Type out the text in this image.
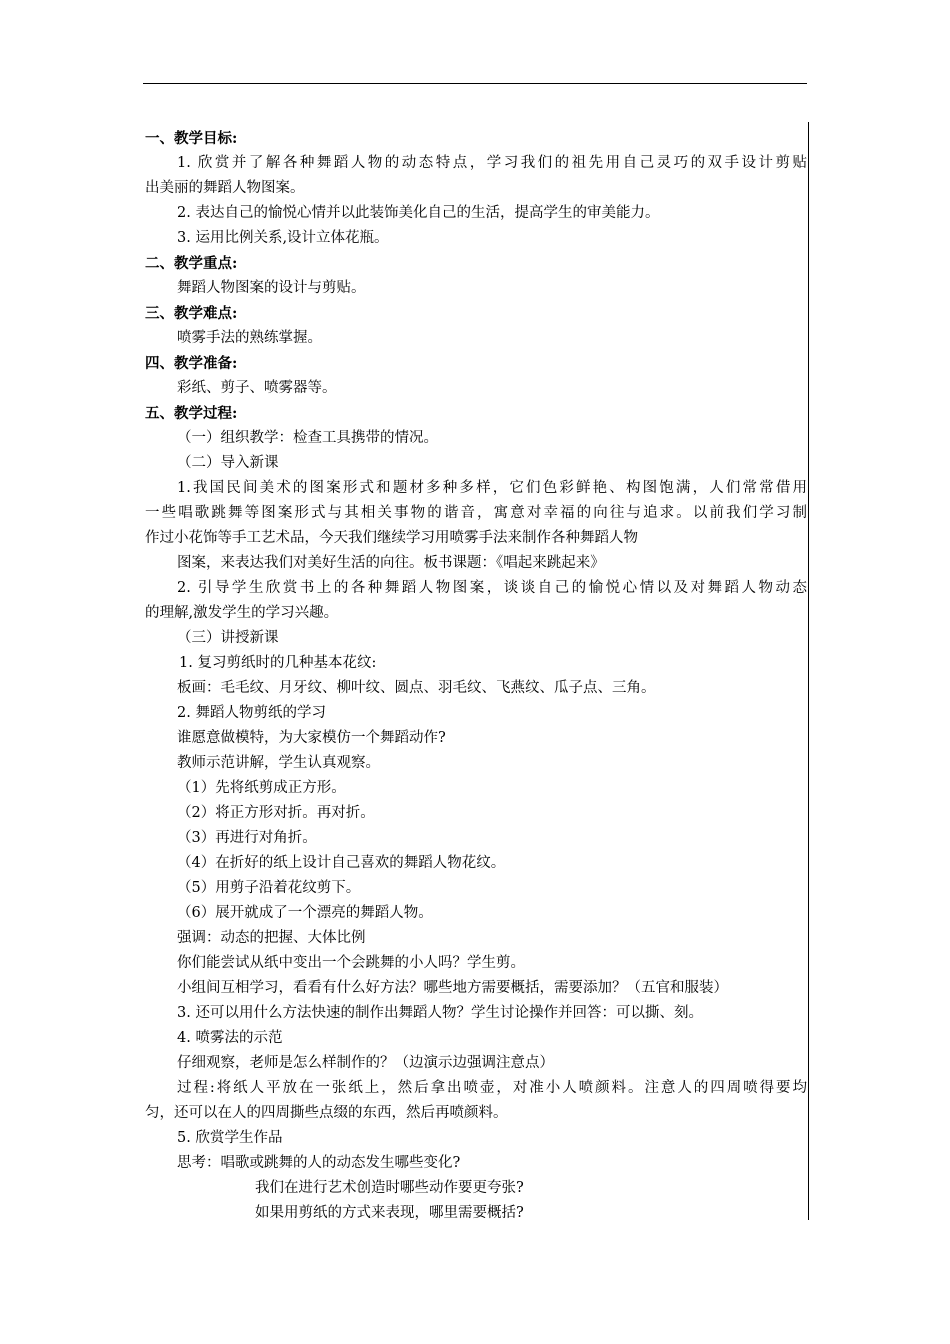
一、教学目标:
1. 欣赏并了解各种舞蹈人物的动态特点，学习我们的祖先用自己灵巧的双手设计剪贴
出美丽的舞蹈人物图案。
2. 表达自己的愉悦心情并以此装饰美化自己的生活，提高学生的审美能力。
3. 运用比例关系,设计立体花瓶。
二、教学重点:
舞蹈人物图案的设计与剪贴。
三、教学难点:
喷雾手法的熟练掌握。
四、教学准备:
彩纸、剪子、喷雾器等。
五、教学过程:
（一）组织教学：检查工具携带的情况。
（二）导入新课
1.我国民间美术的图案形式和题材多种多样，它们色彩鲜艳、构图饱满，人们常常借用
一些唱歌跳舞等图案形式与其相关事物的谐音，寓意对幸福的向往与追求。以前我们学习制
作过小花饰等手工艺术品，今天我们继续学习用喷雾手法来制作各种舞蹈人物
图案，来表达我们对美好生活的向往。板书课题：《唱起来跳起来》
2. 引导学生欣赏书上的各种舞蹈人物图案，谈谈自己的愉悦心情以及对舞蹈人物动态
的理解,激发学生的学习兴趣。
（三）讲授新课
1. 复习剪纸时的几种基本花纹:
板画：毛毛纹、月牙纹、柳叶纹、圆点、羽毛纹、飞燕纹、瓜子点、三角。
2. 舞蹈人物剪纸的学习
谁愿意做模特，为大家模仿一个舞蹈动作?
教师示范讲解，学生认真观察。
（1）先将纸剪成正方形。
（2）将正方形对折。再对折。
（3）再进行对角折。
（4）在折好的纸上设计自己喜欢的舞蹈人物花纹。
（5）用剪子沿着花纹剪下。
（6）展开就成了一个漂亮的舞蹈人物。
强调：动态的把握、大体比例
你们能尝试从纸中变出一个会跳舞的小人吗？学生剪。
小组间互相学习，看看有什么好方法？哪些地方需要概括，需要添加？（五官和服装）
3. 还可以用什么方法快速的制作出舞蹈人物？学生讨论操作并回答：可以撕、刻。
4. 喷雾法的示范
仔细观察，老师是怎么样制作的？（边演示边强调注意点）
过程:将纸人平放在一张纸上，然后拿出喷壶，对准小人喷颜料。注意人的四周喷得要均
匀，还可以在人的四周撕些点缀的东西，然后再喷颜料。
5. 欣赏学生作品
思考：唱歌或跳舞的人的动态发生哪些变化?
我们在进行艺术创造时哪些动作要更夸张?
如果用剪纸的方式来表现，哪里需要概括?
